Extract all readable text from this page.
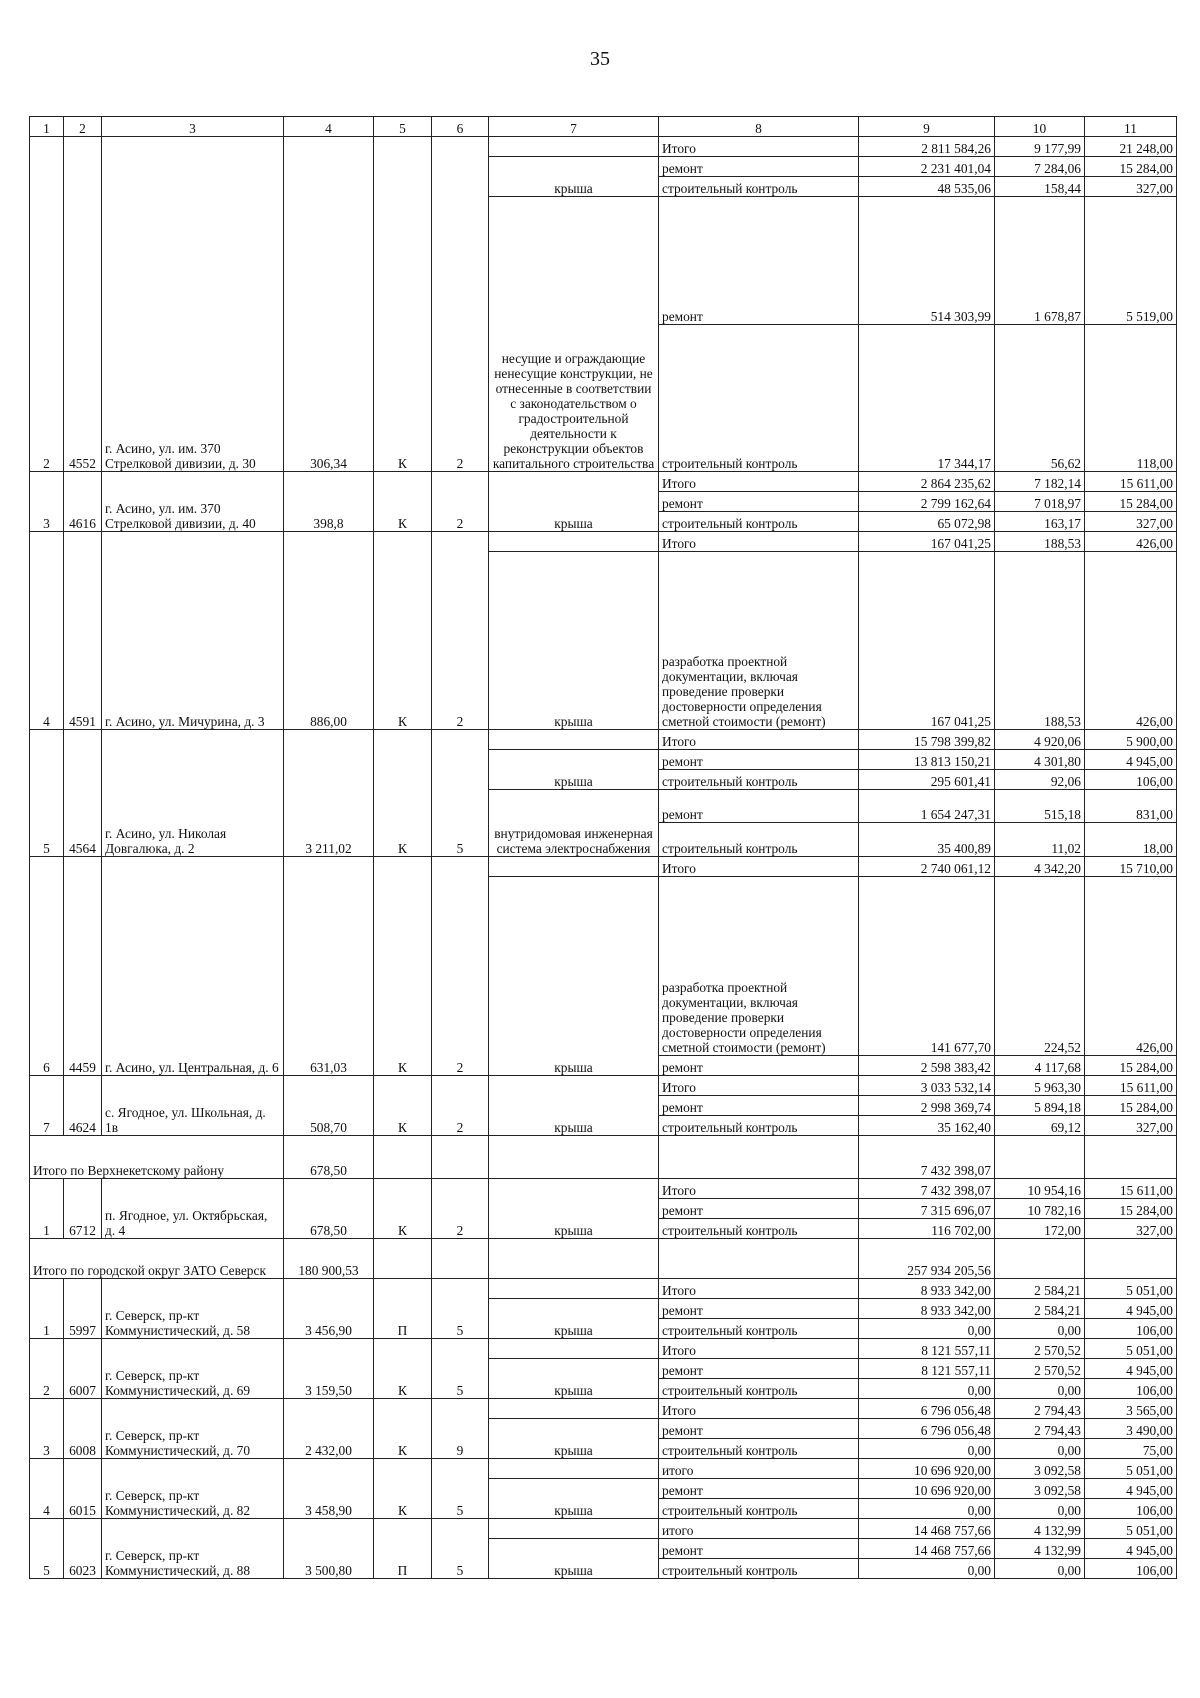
35
1	2	3	4	5	6	7	8	9	10	11
2	4552	г. Асино, ул. им. 370 Стрелковой дивизии, д. 30	306,34	К	2		Итого	2 811 584,26	9 177,99	21 248,00
						крыша	ремонт	2 231 401,04	7 284,06	15 284,00
							строительный контроль	48 535,06	158,44	327,00
						несущие и ограждающие ненесущие конструкции, не отнесенные в соответствии с законодательством о градостроительной деятельности к реконструкции объектов капитального строительства	ремонт	514 303,99	1 678,87	5 519,00
							строительный контроль	17 344,17	56,62	118,00
3	4616	г. Асино, ул. им. 370 Стрелковой дивизии, д. 40	398,8	К	2	крыша	Итого	2 864 235,62	7 182,14	15 611,00
							ремонт	2 799 162,64	7 018,97	15 284,00
							строительный контроль	65 072,98	163,17	327,00
4	4591	г. Асино, ул. Мичурина, д. 3	886,00	К	2		Итого	167 041,25	188,53	426,00
						крыша	разработка проектной документации, включая проведение проверки достоверности определения сметной стоимости (ремонт)	167 041,25	188,53	426,00
5	4564	г. Асино, ул. Николая Довгалюка, д. 2	3 211,02	К	5		Итого	15 798 399,82	4 920,06	5 900,00
						крыша	ремонт	13 813 150,21	4 301,80	4 945,00
							строительный контроль	295 601,41	92,06	106,00
						внутридомовая инженерная система электроснабжения	ремонт	1 654 247,31	515,18	831,00
							строительный контроль	35 400,89	11,02	18,00
6	4459	г. Асино, ул. Центральная, д. 6	631,03	К	2		Итого	2 740 061,12	4 342,20	15 710,00
						крыша	разработка проектной документации, включая проведение проверки достоверности определения сметной стоимости (ремонт)	141 677,70	224,52	426,00
							ремонт	2 598 383,42	4 117,68	15 284,00
7	4624	с. Ягодное, ул. Школьная, д. 1в	508,70	К	2	крыша	Итого	3 033 532,14	5 963,30	15 611,00
							ремонт	2 998 369,74	5 894,18	15 284,00
							строительный контроль	35 162,40	69,12	327,00
Итого по Верхнекетскому району			678,50					7 432 398,07		
1	6712	п. Ягодное, ул. Октябрьская, д. 4	678,50	К	2	крыша	Итого	7 432 398,07	10 954,16	15 611,00
							ремонт	7 315 696,07	10 782,16	15 284,00
							строительный контроль	116 702,00	172,00	327,00
Итого по городской округ ЗАТО Северск			180 900,53					257 934 205,56		
1	5997	г. Северск, пр-кт Коммунистический, д. 58	3 456,90	П	5		Итого	8 933 342,00	2 584,21	5 051,00
						крыша	ремонт	8 933 342,00	2 584,21	4 945,00
							строительный контроль	0,00	0,00	106,00
2	6007	г. Северск, пр-кт Коммунистический, д. 69	3 159,50	К	5		Итого	8 121 557,11	2 570,52	5 051,00
						крыша	ремонт	8 121 557,11	2 570,52	4 945,00
							строительный контроль	0,00	0,00	106,00
3	6008	г. Северск, пр-кт Коммунистический, д. 70	2 432,00	К	9		Итого	6 796 056,48	2 794,43	3 565,00
						крыша	ремонт	6 796 056,48	2 794,43	3 490,00
							строительный контроль	0,00	0,00	75,00
4	6015	г. Северск, пр-кт Коммунистический, д. 82	3 458,90	К	5		итого	10 696 920,00	3 092,58	5 051,00
						крыша	ремонт	10 696 920,00	3 092,58	4 945,00
							строительный контроль	0,00	0,00	106,00
5	6023	г. Северск, пр-кт Коммунистический, д. 88	3 500,80	П	5		итого	14 468 757,66	4 132,99	5 051,00
						крыша	ремонт	14 468 757,66	4 132,99	4 945,00
							строительный контроль	0,00	0,00	106,00
